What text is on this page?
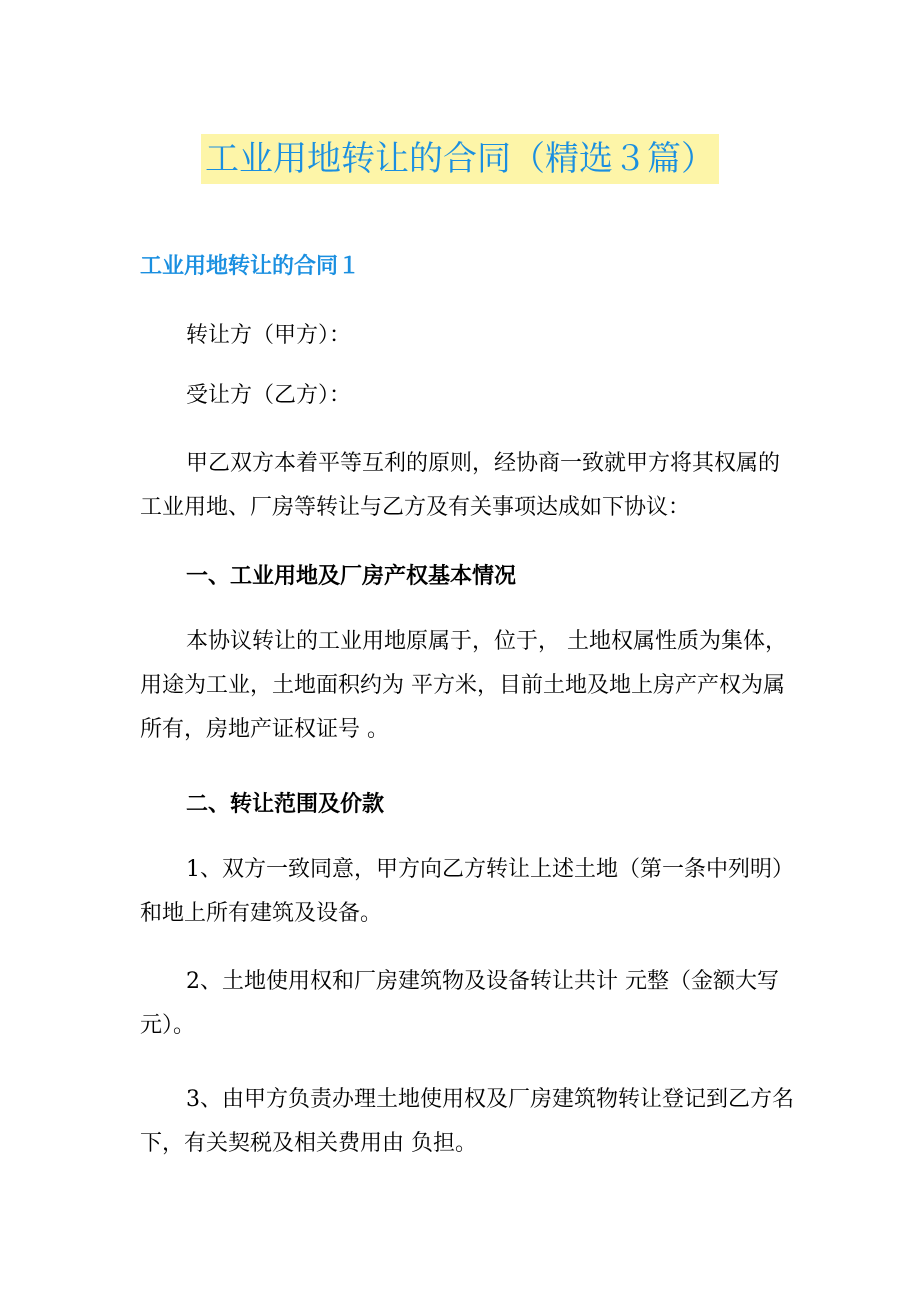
工业用地转让的合同（精选３篇）
工业用地转让的合同１

转让方（甲方）：

受让方（乙方）：

甲乙双方本着平等互利的原则，经协商一致就甲方将其权属的工业用地、厂房等转让与乙方及有关事项达成如下协议：

一、工业用地及厂房产权基本情况

本协议转让的工业用地原属于，位于， 土地权属性质为集体，用途为工业，土地面积约为 平方米，目前土地及地上房产产权为属 所有，房地产证权证号 。

二、转让范围及价款

1、双方一致同意，甲方向乙方转让上述土地（第一条中列明）和地上所有建筑及设备。

2、土地使用权和厂房建筑物及设备转让共计 元整（金额大写 元）。

3、由甲方负责办理土地使用权及厂房建筑物转让登记到乙方名下，有关契税及相关费用由 负担。
